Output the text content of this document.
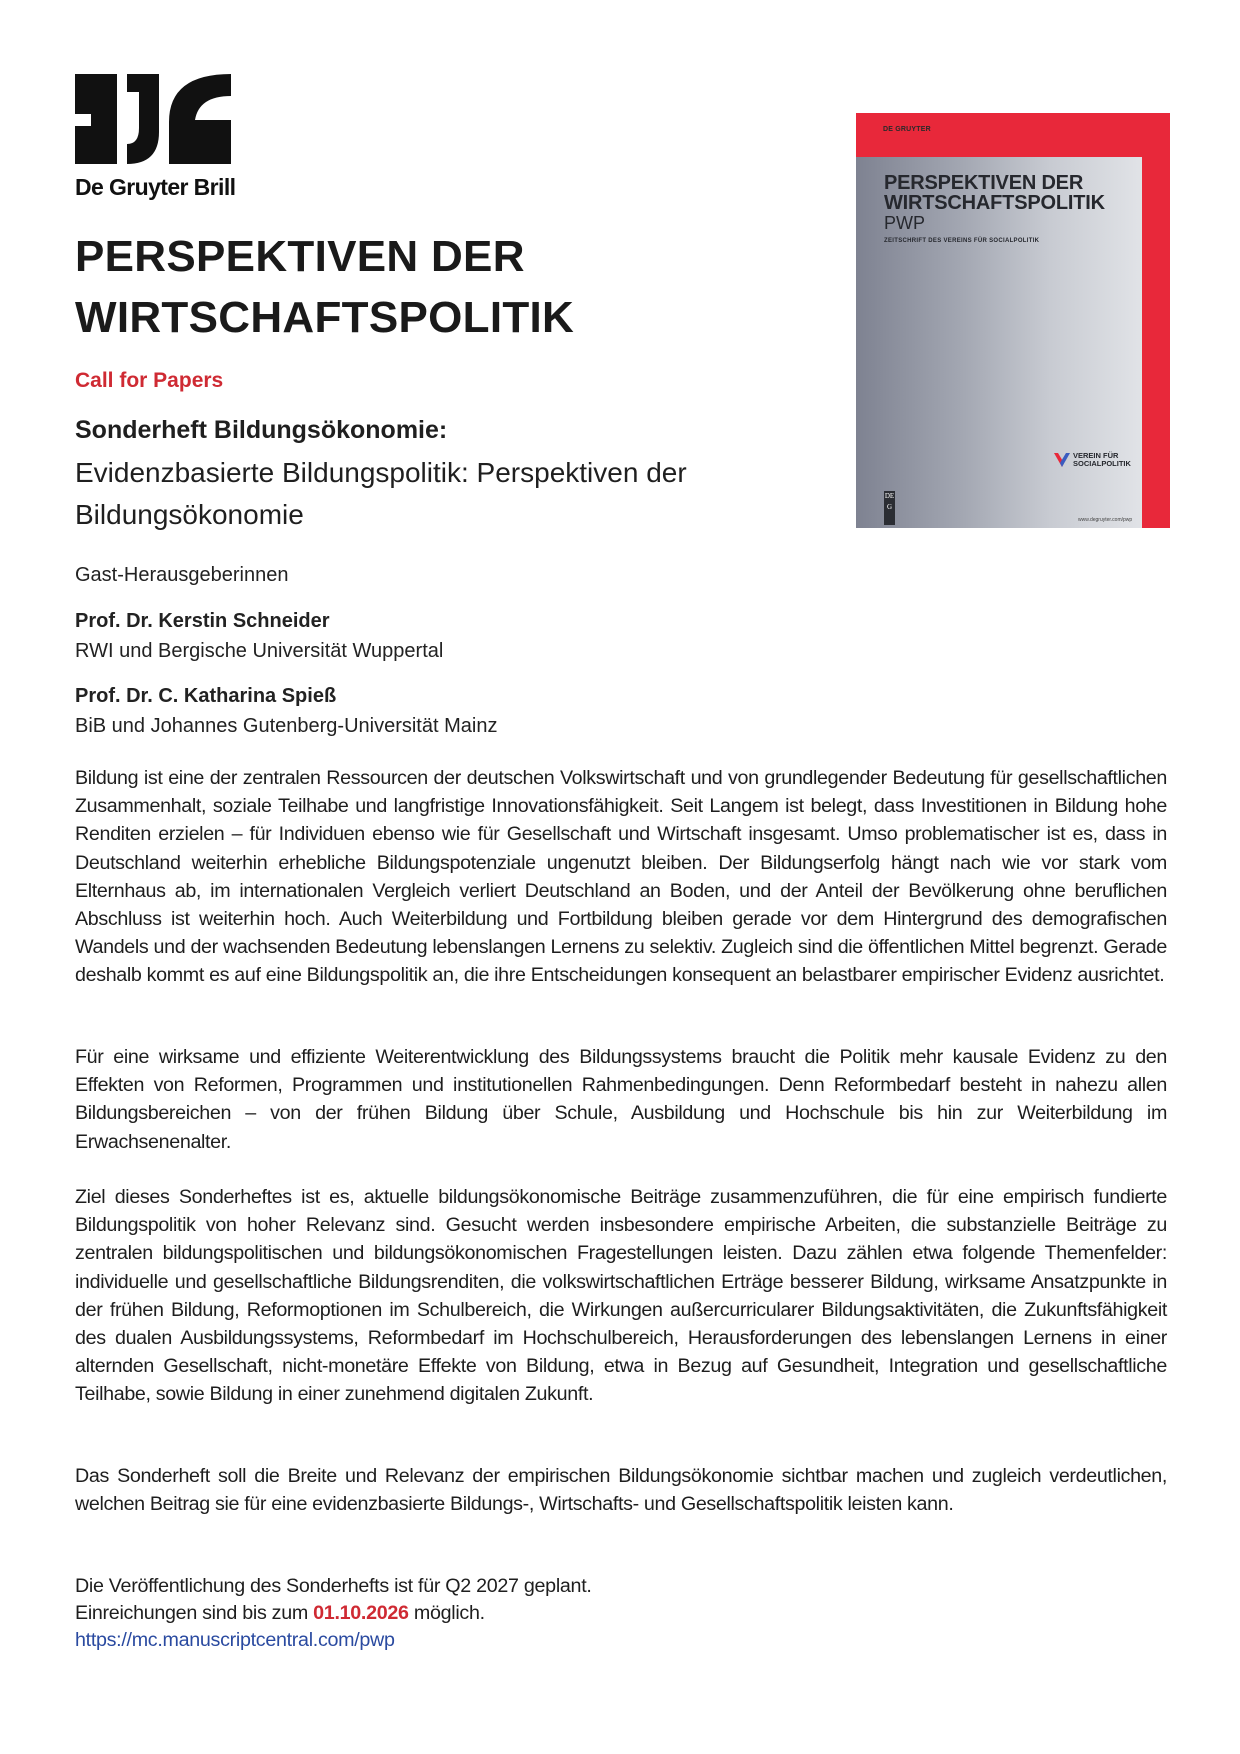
De Gruyter Brill
DE GRUYTER
PERSPEKTIVEN DER
WIRTSCHAFTSPOLITIK
PWP
ZEITSCHRIFT DES VEREINS FÜR SOCIALPOLITIK
VEREIN FÜR
SOCIALPOLITIK
DE G
www.degruyter.com/pwp
PERSPEKTIVEN DER
WIRTSCHAFTSPOLITIK
Call for Papers
Sonderheft Bildungsökonomie:
Evidenzbasierte Bildungspolitik: Perspektiven der Bildungsökonomie
Gast-Herausgeberinnen
Prof. Dr. Kerstin Schneider
RWI und Bergische Universität Wuppertal
Prof. Dr. C. Katharina Spieß
BiB und Johannes Gutenberg-Universität Mainz

Bildung ist eine der zentralen Ressourcen der deutschen Volkswirtschaft und von grundlegender Bedeutung für gesellschaftlichen Zusammenhalt, soziale Teilhabe und langfristige Innovationsfähigkeit. Seit Langem ist belegt, dass Investitionen in Bildung hohe Renditen erzielen – für Individuen ebenso wie für Gesellschaft und Wirtschaft insgesamt. Umso problematischer ist es, dass in Deutschland weiterhin erhebliche Bildungspotenziale ungenutzt bleiben. Der Bildungserfolg hängt nach wie vor stark vom Elternhaus ab, im internationalen Vergleich verliert Deutschland an Boden, und der Anteil der Bevölkerung ohne beruflichen Abschluss ist weiterhin hoch. Auch Weiterbildung und Fortbildung bleiben gerade vor dem Hintergrund des demografischen Wandels und der wachsenden Bedeutung lebenslangen Lernens zu selektiv. Zugleich sind die öffentlichen Mittel begrenzt. Gerade deshalb kommt es auf eine Bildungspolitik an, die ihre Entscheidungen konsequent an belastbarer empirischer Evidenz ausrichtet.

Für eine wirksame und effiziente Weiterentwicklung des Bildungssystems braucht die Politik mehr kausale Evidenz zu den Effekten von Reformen, Programmen und institutionellen Rahmenbedingungen. Denn Reformbedarf besteht in nahezu allen Bildungsbereichen – von der frühen Bildung über Schule, Ausbildung und Hochschule bis hin zur Weiterbildung im Erwachsenenalter.

Ziel dieses Sonderheftes ist es, aktuelle bildungsökonomische Beiträge zusammenzuführen, die für eine empirisch fundierte Bildungspolitik von hoher Relevanz sind. Gesucht werden insbesondere empirische Arbeiten, die substanzielle Beiträge zu zentralen bildungspolitischen und bildungsökonomischen Fragestellungen leisten. Dazu zählen etwa folgende Themenfelder: individuelle und gesellschaftliche Bildungsrenditen, die volkswirtschaftlichen Erträge besserer Bildung, wirksame Ansatzpunkte in der frühen Bildung, Reformoptionen im Schulbereich, die Wirkungen außercurricularer Bildungsaktivitäten, die Zukunftsfähigkeit des dualen Ausbildungssystems, Reformbedarf im Hochschulbereich, Herausforderungen des lebenslangen Lernens in einer alternden Gesellschaft, nicht-monetäre Effekte von Bildung, etwa in Bezug auf Gesundheit, Integration und gesellschaftliche Teilhabe, sowie Bildung in einer zunehmend digitalen Zukunft.

Das Sonderheft soll die Breite und Relevanz der empirischen Bildungsökonomie sichtbar machen und zugleich verdeutlichen, welchen Beitrag sie für eine evidenzbasierte Bildungs-, Wirtschafts- und Gesellschaftspolitik leisten kann.

Die Veröffentlichung des Sonderhefts ist für Q2 2027 geplant.
Einreichungen sind bis zum 01.10.2026 möglich.
https://mc.manuscriptcentral.com/pwp
